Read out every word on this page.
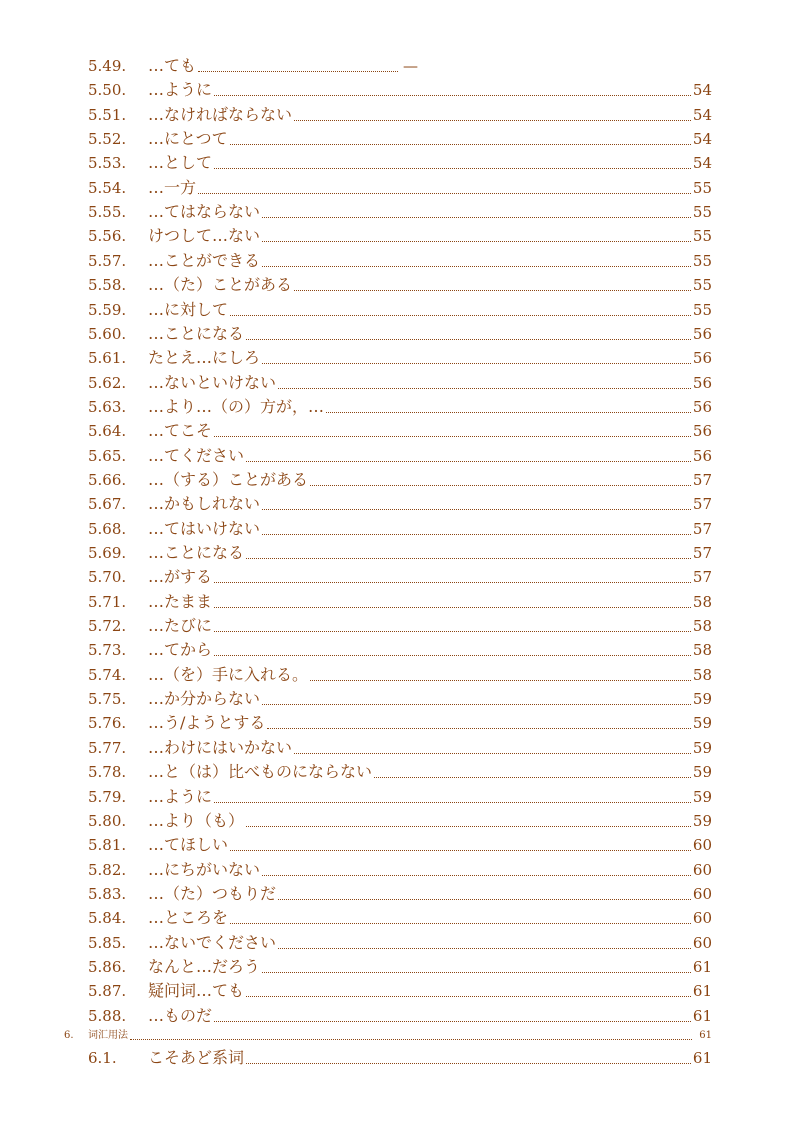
5.49.	…ても	—
5.50.	…ように	54
5.51.	…なければならない	54
5.52.	…にとつて	54
5.53.	…として	54
5.54.	…一方	55
5.55.	…てはならない	55
5.56.	けつして…ない	55
5.57.	…ことができる	55
5.58.	…（た）ことがある	55
5.59.	…に対して	55
5.60.	…ことになる	56
5.61.	たとえ…にしろ	56
5.62.	…ないといけない	56
5.63.	…より…（の）方が，…	56
5.64.	…てこそ	56
5.65.	…てください	56
5.66.	…（する）ことがある	57
5.67.	…かもしれない	57
5.68.	…てはいけない	57
5.69.	…ことになる	57
5.70.	…がする	57
5.71.	…たまま	58
5.72.	…たびに	58
5.73.	…てから	58
5.74.	…（を）手に入れる。	58
5.75.	…か分からない	59
5.76.	…う/ようとする	59
5.77.	…わけにはいかない	59
5.78.	…と（は）比べものにならない	59
5.79.	…ように	59
5.80.	…より（も）	59
5.81.	…てほしい	60
5.82.	…にちがいない	60
5.83.	…（た）つもりだ	60
5.84.	…ところを	60
5.85.	…ないでください	60
5.86.	なんと…だろう	61
5.87.	疑问词…ても	61
5.88.	…ものだ	61
6.	词汇用法	61
6.1.	こそあど系词	61
